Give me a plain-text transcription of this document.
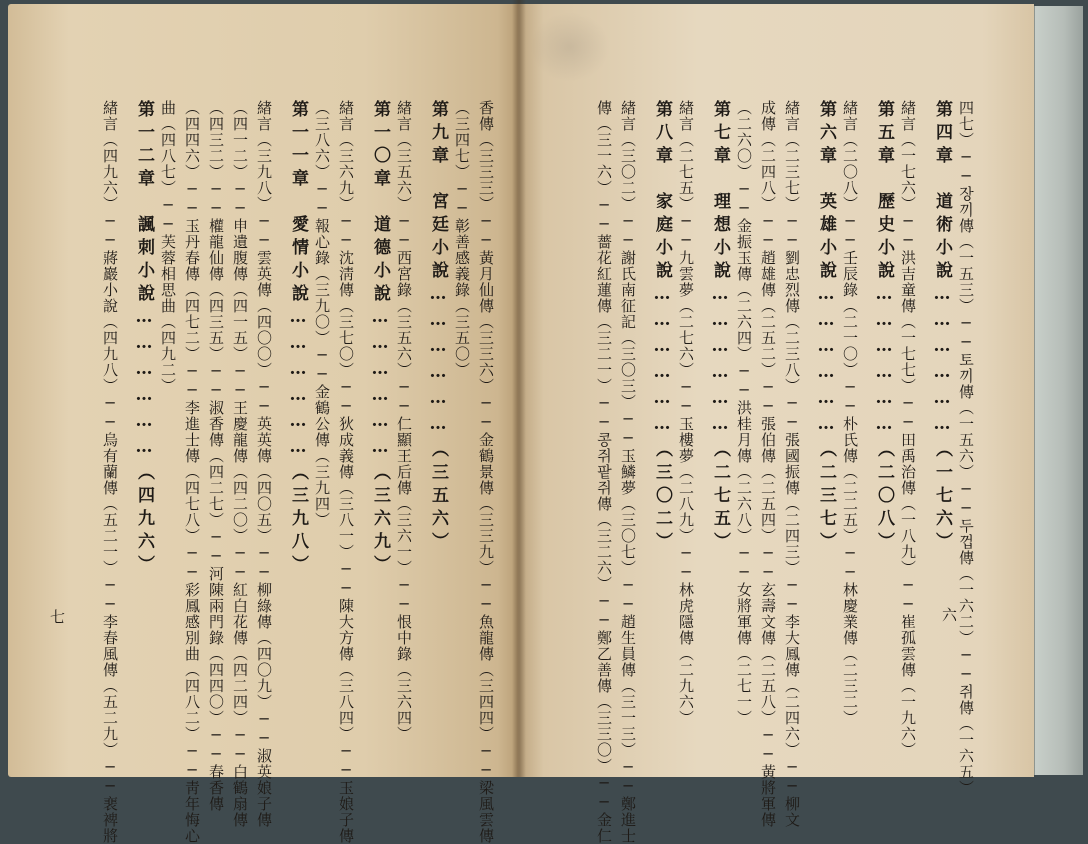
四七）──장끼傳（一五三）──토끼傳（一五六）──두껍傳（一六二）──쥐傳（一六五）
第四章　道術小說………………（一七六）
緖言（一七六）──洪吉童傳（一七七）──田禹治傳（一八九）──崔孤雲傳（一九六）
第五章　歷史小說………………（二〇八）
緖言（二〇八）──壬辰錄（二一〇）──朴氏傳（二二五）──林慶業傳（二三二）
第六章　英雄小說………………（二三七）
緖言（二三七）──劉忠烈傳（二三八）──張國振傳（二四三）──李大鳳傳（二四六）──柳文
成傳（二四八）──趙雄傳（二五二）──張伯傳（二五四）──玄壽文傳（二五八）──黃將軍傳
（二六〇）──金振玉傳（二六四）──洪桂月傳（二六八）──女將軍傳（二七一）
第七章　理想小說………………（二七五）
緖言（二七五）──九雲夢（二七六）──玉樓夢（二八九）──林虎隱傳（二九六）
第八章　家庭小說………………（三〇二）
緖言（三〇二）──謝氏南征記（三〇三）──玉鱗夢（三〇七）──趙生員傳（三一三）──鄭進士
傳（三一六）──薔花紅蓮傳（三二一）──콩쥐팥쥐傳（三二六）──鄭乙善傳（三三〇）──金仁	六
香傳（三三三）──黃月仙傳（三三六）──金鶴景傳（三三九）──魚龍傳（三四四）──梁風雲傳
（三四七）──彰善感義錄（三五〇）
第九章　宮廷小說………………（三五六）
緖言（三五六）──西宮錄（三五六）──仁顯王后傳（三六一）──恨中錄（三六四）
第一〇章　道德小說………………（三六九）
緖言（三六九）──沈淸傳（三七〇）──狄成義傳（三八一）──陳大方傳（三八四）──玉娘子傳
（三八六）──報心錄（三九〇）──金鶴公傳（三九四）
第一一章　愛情小說………………（三九八）
緖言（三九八）──雲英傳（四〇〇）──英英傳（四〇五）──柳綠傳（四〇九）──淑英娘子傳
（四一二）──申遺腹傳（四一五）──王慶龍傳（四二〇）──紅白花傳（四二四）──白鶴扇傳
（四三二）──權龍仙傳（四三五）──淑香傳（四二七）──河陳兩門錄（四四〇）──春香傳
（四四六）──玉丹春傳（四七二）──李進士傳（四七八）──彩鳳感別曲（四八二）──靑年悔心
曲（四八七）──芙蓉相思曲（四九二）
第一二章　諷刺小說………………（四九六）
緖言（四九六）──蔣巖小說（四九八）──烏有蘭傳（五二一）──李春風傳（五二九）──裵裨將
七
